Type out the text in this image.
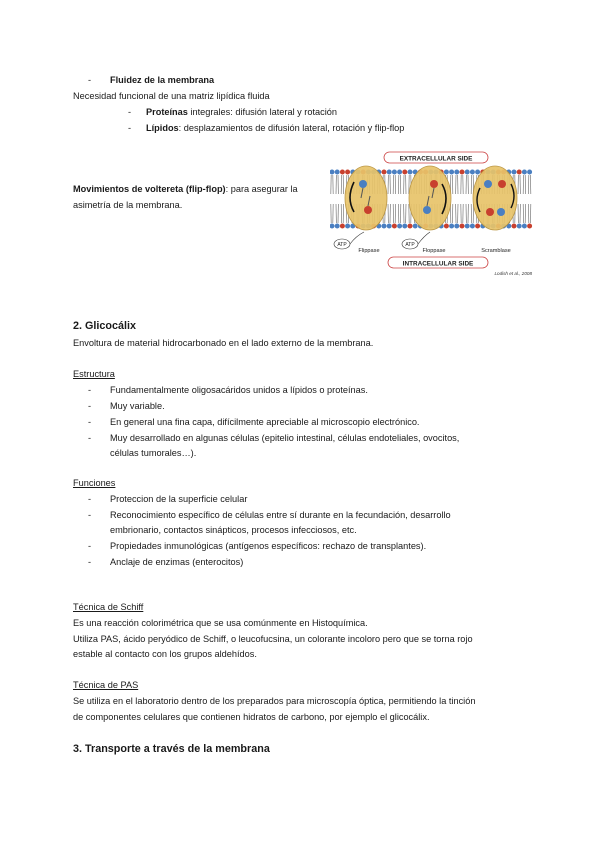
- Fluidez de la membrana
Necesidad funcional de una matriz lipídica fluida
- Proteínas integrales: difusión lateral y rotación
- Lípidos: desplazamientos de difusión lateral, rotación y flip-flop
Movimientos de voltereta (flip-flop): para asegurar la
asimetría de la membrana.
EXTRACELLULAR SIDE
ATP	ATP
Flippase	Floppase	Scramblase
INTRACELLULAR SIDE
Lodish et al., 2008
2. Glicocálix
Envoltura de material hidrocarbonado en el lado externo de la membrana.
Estructura
- Fundamentalmente oligosacáridos unidos a lípidos o proteínas.
- Muy variable.
- En general una fina capa, difícilmente apreciable al microscopio electrónico.
- Muy desarrollado en algunas células (epitelio intestinal, células endoteliales, ovocitos,
células tumorales…).
Funciones
- Proteccion de la superficie celular
- Reconocimiento específico de células entre sí durante en la fecundación, desarrollo
embrionario, contactos sinápticos, procesos infecciosos, etc.
- Propiedades inmunológicas (antígenos específicos: rechazo de transplantes).
- Anclaje de enzimas (enterocitos)
Técnica de Schiff
Es una reacción colorimétrica que se usa comúnmente en Histoquímica.
Utiliza PAS, ácido peryódico de Schiff, o leucofucsina, un colorante incoloro pero que se torna rojo
estable al contacto con los grupos aldehídos.
Técnica de PAS
Se utiliza en el laboratorio dentro de los preparados para microscopía óptica, permitiendo la tinción
de componentes celulares que contienen hidratos de carbono, por ejemplo el glicocálix.
3. Transporte a través de la membrana
